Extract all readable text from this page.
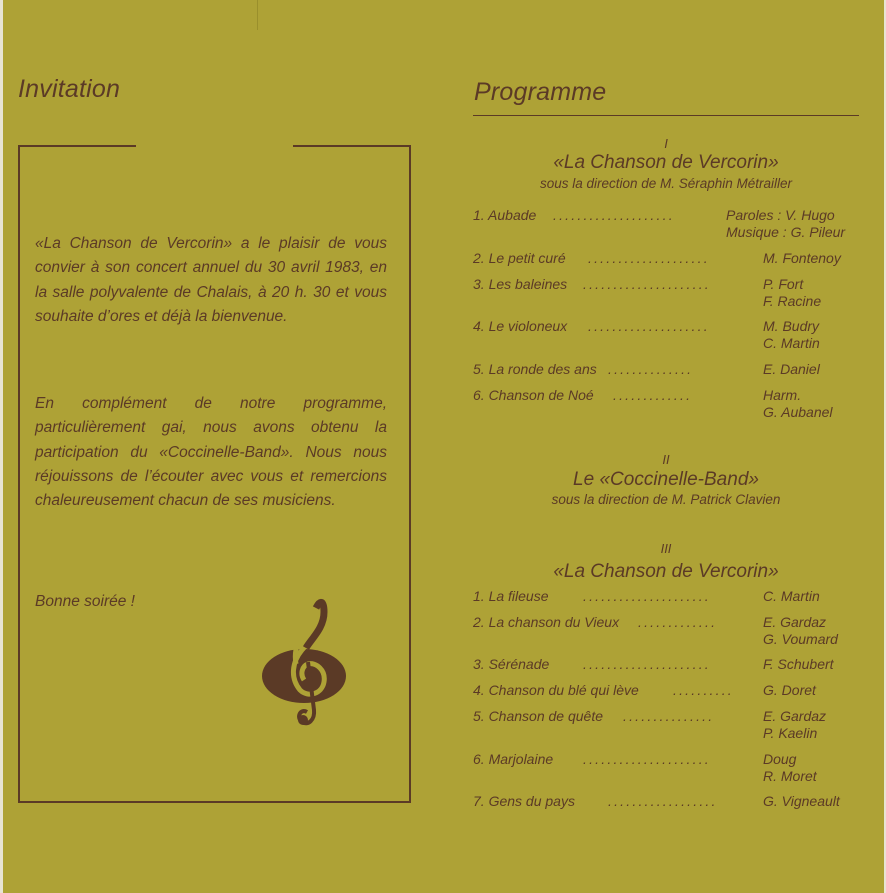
Invitation
«La Chanson de Vercorin» a le plaisir de vous convier à son concert annuel du 30 avril 1983, en la salle polyvalente de Chalais, à 20 h. 30 et vous souhaite d’ores et déjà la bienvenue.
En complément de notre programme, particulièrement gai, nous avons obtenu la participation du «Coccinelle-Band». Nous nous réjouissons de l’écouter avec vous et remercions chaleureusement chacun de ses musiciens.
Bonne soirée !
Programme
I
«La Chanson de Vercorin»
sous la direction de M. Séraphin Métrailler
1. Aubade ....................	Paroles : V. Hugo
Musique : G. Pileur
2. Le petit curé ....................	M. Fontenoy
3. Les baleines .....................	P. Fort
F. Racine
4. Le violoneux ....................	M. Budry
C. Martin
5. La ronde des ans ..............	E. Daniel
6. Chanson de Noé .............	Harm.
G. Aubanel
II
Le «Coccinelle-Band»
sous la direction de M. Patrick Clavien
III
«La Chanson de Vercorin»
1. La fileuse .....................	C. Martin
2. La chanson du Vieux .............	E. Gardaz
G. Voumard
3. Sérénade .....................	F. Schubert
4. Chanson du blé qui lève .......... G. Doret
5. Chanson de quête ...............	E. Gardaz
P. Kaelin
6. Marjolaine .....................	Doug
R. Moret
7. Gens du pays ..................	G. Vigneault
